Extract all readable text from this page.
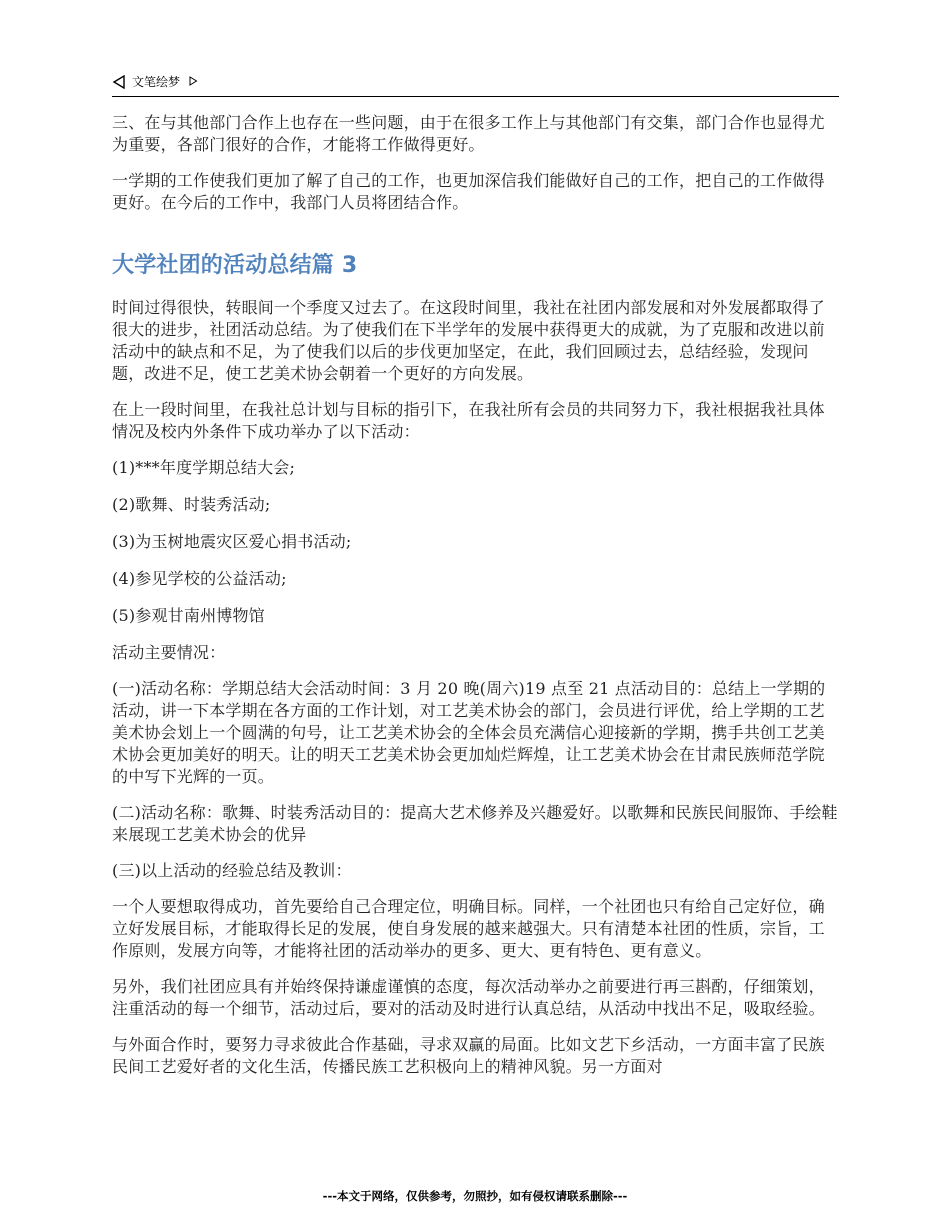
文笔绘梦

三、在与其他部门合作上也存在一些问题，由于在很多工作上与其他部门有交集，部门合作也显得尤为重要，各部门很好的合作，才能将工作做得更好。

一学期的工作使我们更加了解了自己的工作，也更加深信我们能做好自己的工作，把自己的工作做得更好。在今后的工作中，我部门人员将团结合作。

大学社团的活动总结篇 3

时间过得很快，转眼间一个季度又过去了。在这段时间里，我社在社团内部发展和对外发展都取得了很大的进步，社团活动总结。为了使我们在下半学年的发展中获得更大的成就，为了克服和改进以前活动中的缺点和不足，为了使我们以后的步伐更加坚定，在此，我们回顾过去，总结经验，发现问题，改进不足，使工艺美术协会朝着一个更好的方向发展。

在上一段时间里，在我社总计划与目标的指引下，在我社所有会员的共同努力下，我社根据我社具体情况及校内外条件下成功举办了以下活动：

(1)***年度学期总结大会;

(2)歌舞、时装秀活动;

(3)为玉树地震灾区爱心捐书活动;

(4)参见学校的公益活动;

(5)参观甘南州博物馆

活动主要情况：

(一)活动名称：学期总结大会活动时间：3 月 20 晚(周六)19 点至 21 点活动目的：总结上一学期的活动，讲一下本学期在各方面的工作计划，对工艺美术协会的部门，会员进行评优，给上学期的工艺美术协会划上一个圆满的句号，让工艺美术协会的全体会员充满信心迎接新的学期，携手共创工艺美术协会更加美好的明天。让的明天工艺美术协会更加灿烂辉煌，让工艺美术协会在甘肃民族师范学院的中写下光辉的一页。

(二)活动名称：歌舞、时装秀活动目的：提高大艺术修养及兴趣爱好。以歌舞和民族民间服饰、手绘鞋来展现工艺美术协会的优异

(三)以上活动的经验总结及教训：

一个人要想取得成功，首先要给自己合理定位，明确目标。同样，一个社团也只有给自己定好位，确立好发展目标，才能取得长足的发展，使自身发展的越来越强大。只有清楚本社团的性质，宗旨，工作原则，发展方向等，才能将社团的活动举办的更多、更大、更有特色、更有意义。

另外，我们社团应具有并始终保持谦虚谨慎的态度，每次活动举办之前要进行再三斟酌，仔细策划，注重活动的每一个细节，活动过后，要对的活动及时进行认真总结，从活动中找出不足，吸取经验。

与外面合作时，要努力寻求彼此合作基础，寻求双赢的局面。比如文艺下乡活动，一方面丰富了民族民间工艺爱好者的文化生活，传播民族工艺积极向上的精神风貌。另一方面对

---本文于网络，仅供参考，勿照抄，如有侵权请联系删除---
